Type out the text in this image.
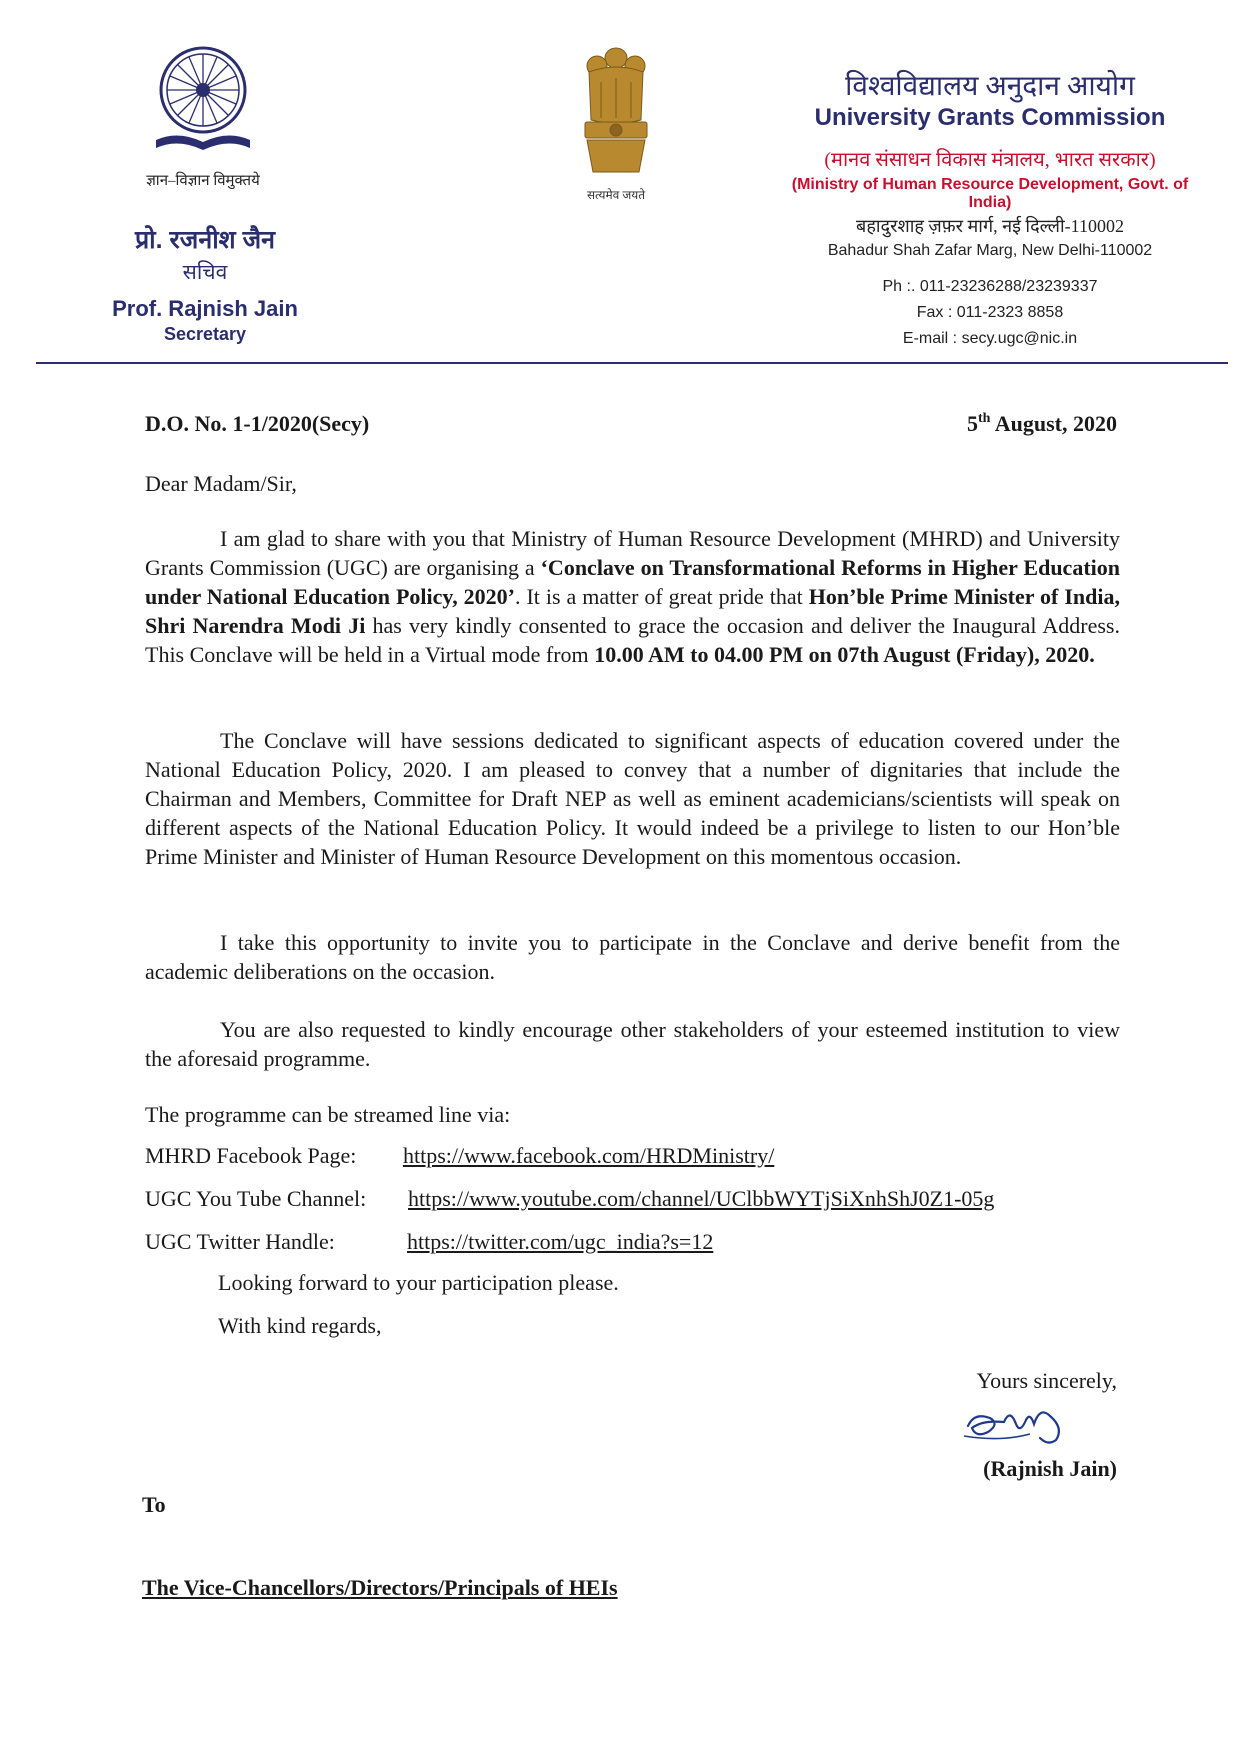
ज्ञान–विज्ञान विमुक्तये
प्रो. रजनीश जैन
सचिव
Prof. Rajnish Jain
Secretary
सत्यमेव जयते
विश्वविद्यालय अनुदान आयोग
University Grants Commission
(मानव संसाधन विकास मंत्रालय, भारत सरकार)
(Ministry of Human Resource Development, Govt. of India)
बहादुरशाह ज़फ़र मार्ग, नई दिल्ली-110002
Bahadur Shah Zafar Marg, New Delhi-110002
Ph :. 011-23236288/23239337
Fax : 011-2323 8858
E-mail : secy.ugc@nic.in
D.O. No. 1-1/2020(Secy)	5th August, 2020
Dear Madam/Sir,
I am glad to share with you that Ministry of Human Resource Development (MHRD) and University Grants Commission (UGC) are organising a ‘Conclave on Transformational Reforms in Higher Education under National Education Policy, 2020’. It is a matter of great pride that Hon’ble Prime Minister of India, Shri Narendra Modi Ji has very kindly consented to grace the occasion and deliver the Inaugural Address. This Conclave will be held in a Virtual mode from 10.00 AM to 04.00 PM on 07th August (Friday), 2020.
The Conclave will have sessions dedicated to significant aspects of education covered under the National Education Policy, 2020. I am pleased to convey that a number of dignitaries that include the Chairman and Members, Committee for Draft NEP as well as eminent academicians/scientists will speak on different aspects of the National Education Policy. It would indeed be a privilege to listen to our Hon’ble Prime Minister and Minister of Human Resource Development on this momentous occasion.
I take this opportunity to invite you to participate in the Conclave and derive benefit from the academic deliberations on the occasion.
You are also requested to kindly encourage other stakeholders of your esteemed institution to view the aforesaid programme.
The programme can be streamed line via:
MHRD Facebook Page: https://www.facebook.com/HRDMinistry/
UGC You Tube Channel: https://www.youtube.com/channel/UClbbWYTjSiXnhShJ0Z1-05g
UGC Twitter Handle:	https://twitter.com/ugc_india?s=12
Looking forward to your participation please.
With kind regards,
Yours sincerely,
(Rajnish Jain)
To
The Vice-Chancellors/Directors/Principals of HEIs
